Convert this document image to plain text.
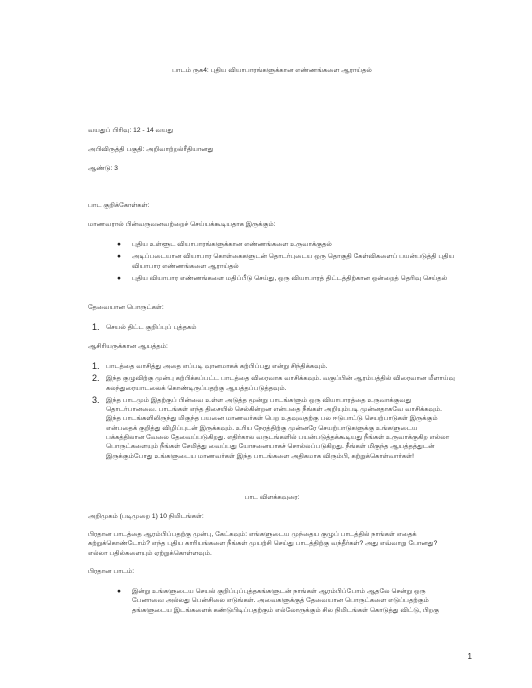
பாடம் ருக4: புதிய வியாபாரங்களுக்கான எண்ணங்களை ஆராய்தல்

வயதுப் பிரிவு: 12 - 14 வயது

அபிவிருத்தி பகுதி: அறிவாற்றல்ரீதியானது

ஆண்டு: 3

பாட குறிக்கோள்கள்:

மாணவரால் பின்வருவனவற்றைச் செய்யக்கூடியதாக இருக்கும்:

● புதிய உள்ளூட வியாபாரங்களுக்கான எண்ணங்களை உருவாக்குதல்
● அடிப்படையான வியாபார கொள்கைகளுடன் தொடர்புடைய ஒரு தொகுதி கேள்விகளைப் பயன்படுத்தி புதிய வியாபார எண்ணங்களை ஆராய்தல்
● புதிய வியாபார எண்ணங்களை மதிப்பீடு செய்து, ஒரு வியாபாரத் திட்டத்திற்கான ஒன்றைத் தெரிவு செய்தல்

தேவையான பொருட்கள்:

1. செயல் திட்ட குறிப்புப் புத்தகம்

ஆசிரியருக்கான ஆயத்தம்:

1. பாடத்தை வாசித்து அதை எப்படி வுானமாகக் கற்பிப்பது என்று சிந்திக்கவும்.
2. இந்த குழுவிற்கு முன்பு கற்பிக்கப்பட்ட பாடத்தை விரைவாக வாசிக்கவும். வகுப்பின் ஆரம்பத்தில் விரைவான மீளாய்வு கலந்துரையாடலைக் கொண்டிருப்பதற்கு ஆயத்தப்படுத்தவும்.
3. இந்த பாடமும் இதற்குப் பின்வை உள்ள அடுத்த மூன்று பாடங்களும் ஒரு வியாபாரத்தை உருவாக்குவது தொடர்பானவை. பாடங்கள் எந்த திசையில் செல்கின்றன என்பதை நீங்கள் அறியும்படி முன்னதாகவே வாசிக்கவும். இந்த பாடங்களிலிருந்து மிகுந்த பயனை மாணவர்கள் பெற உதவுவதற்கு பல ஈடுபாட்டு செயற்பாடுகள் இருக்கும் என்பதைக் குறித்து விழிப்புடன் இருக்கவும். உரிய நேரத்திற்கு முன்னரே செயற்பாடுகளுக்கு உங்களுடைய பக்கத்திலான வேலை தேவைப்படுகிறது. எதிர்கால வருடங்களில் பயன்படுத்தக்கூடியது நீங்கள் உருவாக்குகிற எல்லா பொருட்களையும் நீங்கள் சேமித்து வைப்பது யோசனையாகச் சொல்லப்படுகிறது. நீங்கள் மிகுந்த ஆயத்தத்துடன் இருக்கும்போது உங்களுடைய மாணவர்கள் இந்த பாடங்களை அதிகமாக விரும்பி, கற்றுக்கொள்வார்கள்!

பாட விளக்கவுரை:

அறிமுகம் (படிமுறை 1) 10 நிமிடங்கள்:

பிரதான பாடத்தை ஆரம்பிப்பதற்கு முன்பு, கேட்கவும்: எங்களுடைய முந்தைய குழுப் பாடத்தில் நாங்கள் எதைக் கற்றுக்கொண்டோம்? எந்த புதிய காரியங்களை நீங்கள் முயற்சி செய்து பாடத்திற்கு வந்தீர்கள்? அது எவ்வாறு போனது? எல்லா பதில்களையும் ஏற்றுக்கொள்ளவும்.

பிரதான பாடம்:

● இன்று உங்களுடைய செயல் குறிப்புப்புத்தகங்களுடன் நாங்கள் ஆரம்பிப்போம் ஆதலே சென்று ஒரு பேனாவை அல்லது பென்சிலை எடுங்கள். அவைகளுக்குத் தேவையான பொருட்களை எடுப்பதற்கும் தங்களுடைய இடங்களைக் கண்டுபிடிப்பதற்கும் எல்லோருக்கும் சில நிமிடங்கள் கொடுத்து விட்டு, பிறகு
1
